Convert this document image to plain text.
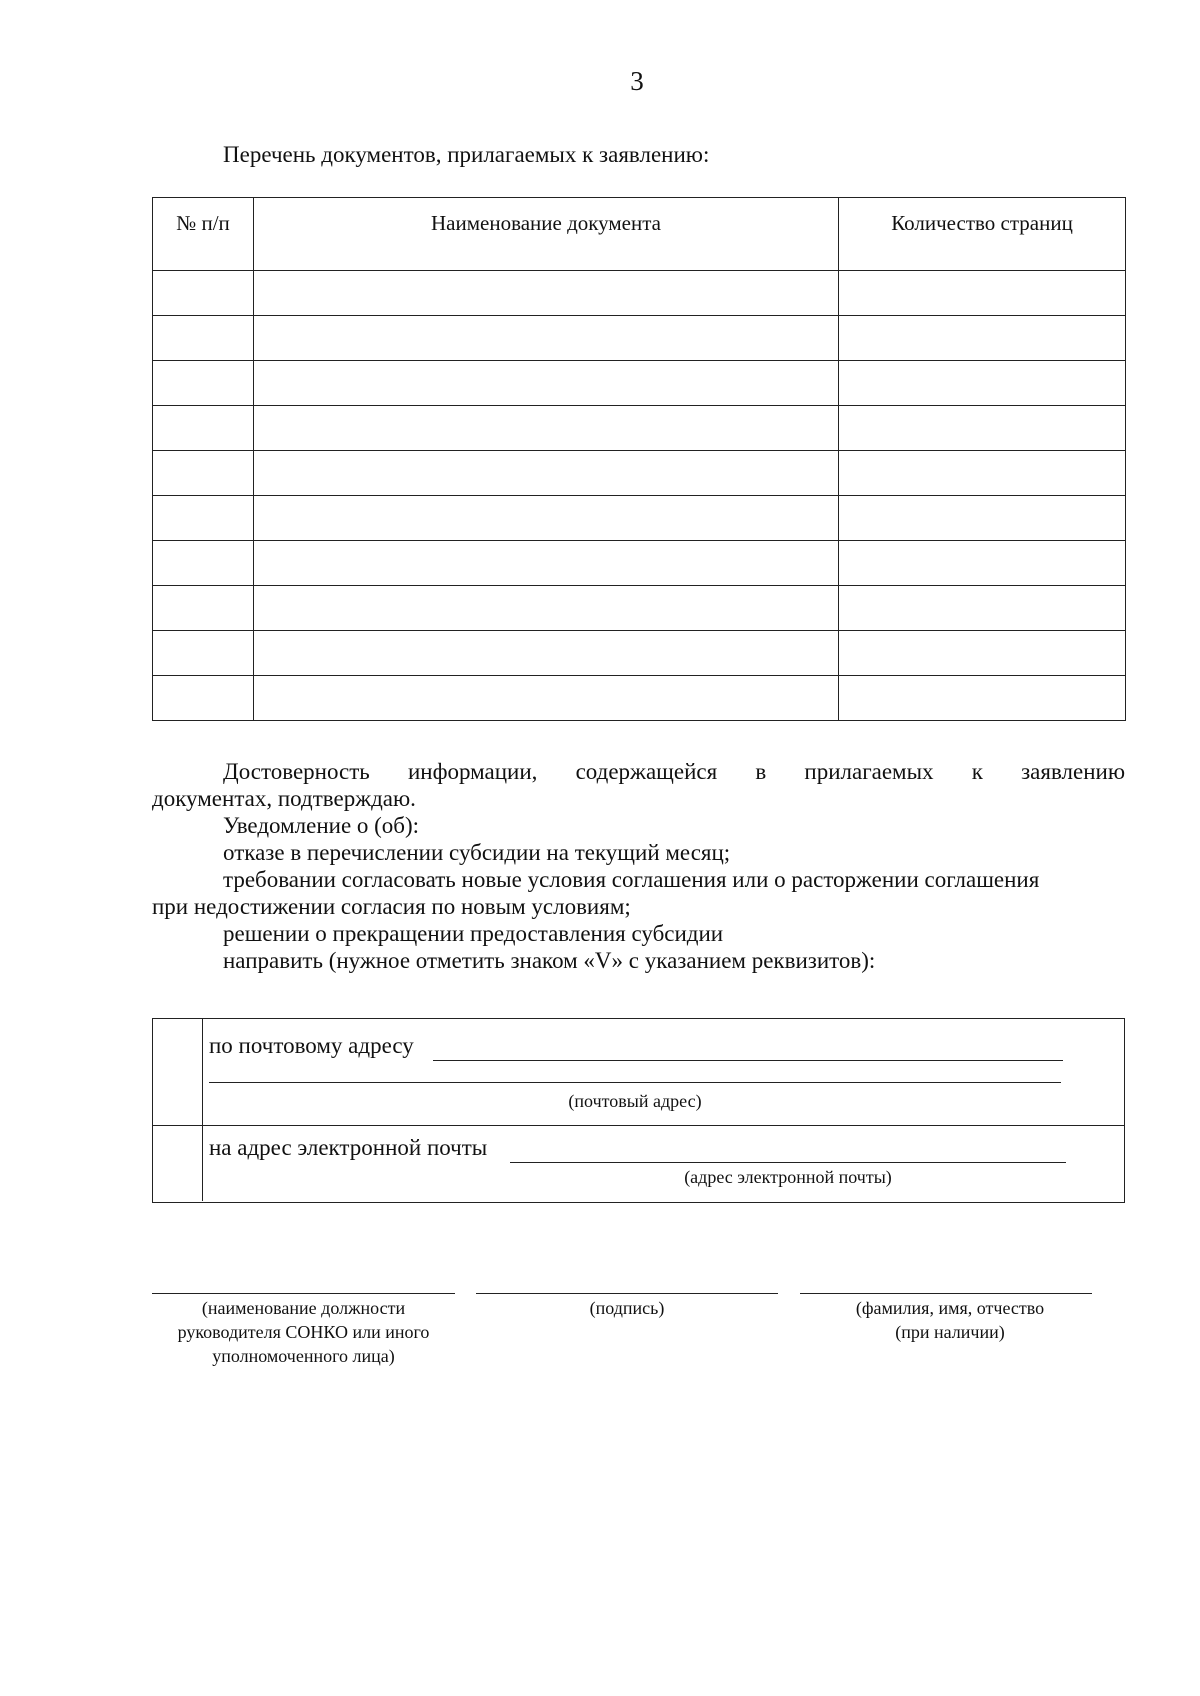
3
Перечень документов, прилагаемых к заявлению:
№ п/п	Наименование документа	Количество страниц

Достоверность информации, содержащейся в прилагаемых к заявлению
документах, подтверждаю.
Уведомление о (об):
отказе в перечислении субсидии на текущий месяц;
требовании согласовать новые условия соглашения или о расторжении соглашения
при недостижении согласия по новым условиям;
решении о прекращении предоставления субсидии
направить (нужное отметить знаком «V» с указанием реквизитов):
по почтовому адресу
(почтовый адрес)
на адрес электронной почты
(адрес электронной почты)
(наименование должности
руководителя СОНКО или иного
уполномоченного лица)
(подпись)	(фамилия, имя, отчество
(при наличии)
